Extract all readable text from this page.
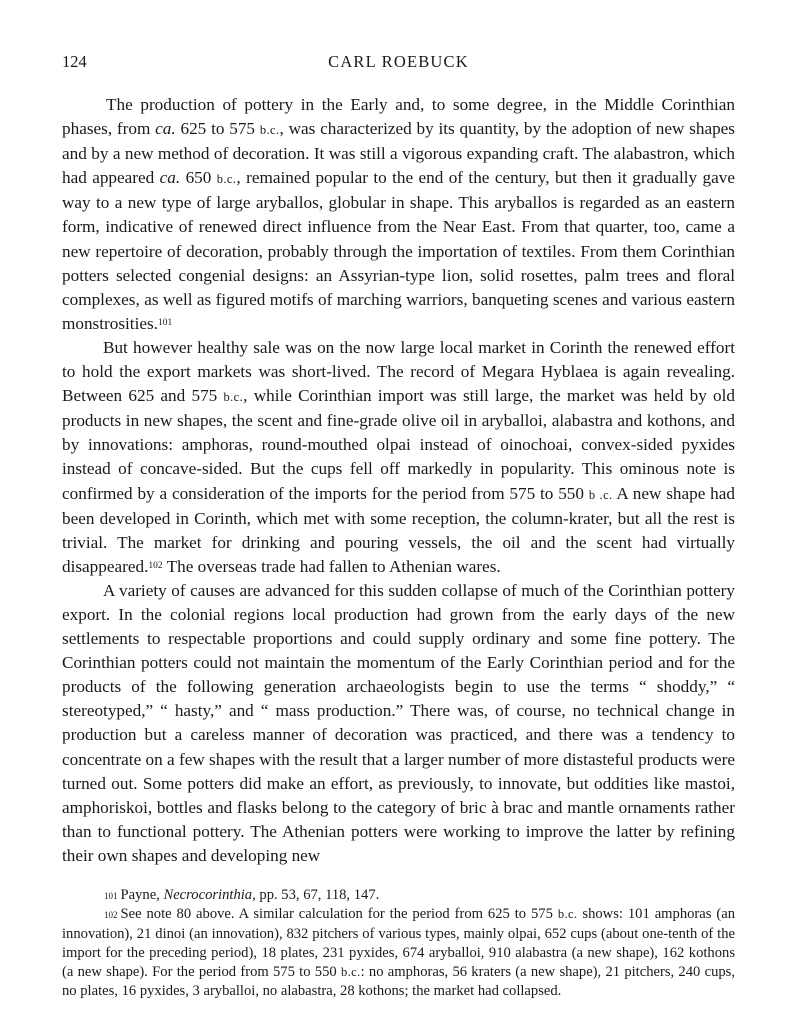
124	CARL ROEBUCK

The production of pottery in the Early and, to some degree, in the Middle Corinthian phases, from ca. 625 to 575 b.c., was characterized by its quantity, by the adoption of new shapes and by a new method of decoration. It was still a vigorous expanding craft. The alabastron, which had appeared ca. 650 b.c., remained popular to the end of the century, but then it gradually gave way to a new type of large aryballos, globular in shape. This aryballos is regarded as an eastern form, indicative of renewed direct influence from the Near East. From that quarter, too, came a new repertoire of decoration, probably through the importation of textiles. From them Corinthian potters selected congenial designs: an Assyrian-type lion, solid rosettes, palm trees and floral complexes, as well as figured motifs of marching warriors, banqueting scenes and various eastern monstrosities.$^{101}$

But however healthy sale was on the now large local market in Corinth the renewed effort to hold the export markets was short-lived. The record of Megara Hyblaea is again revealing. Between 625 and 575 b.c., while Corinthian import was still large, the market was held by old products in new shapes, the scent and fine-grade olive oil in aryballoi, alabastra and kothons, and by innovations: amphoras, round-mouthed olpai instead of oinochoai, convex-sided pyxides instead of concave-sided. But the cups fell off markedly in popularity. This ominous note is confirmed by a consideration of the imports for the period from 575 to 550 b .c. A new shape had been developed in Corinth, which met with some reception, the column-krater, but all the rest is trivial. The market for drinking and pouring vessels, the oil and the scent had virtually disappeared.$^{102}$ The overseas trade had fallen to Athenian wares.

A variety of causes are advanced for this sudden collapse of much of the Corinthian pottery export. In the colonial regions local production had grown from the early days of the new settlements to respectable proportions and could supply ordinary and some fine pottery. The Corinthian potters could not maintain the momentum of the Early Corinthian period and for the products of the following generation archaeologists begin to use the terms “ shoddy,” “ stereotyped,” “ hasty,” and “ mass production.” There was, of course, no technical change in production but a careless manner of decoration was practiced, and there was a tendency to concentrate on a few shapes with the result that a larger number of more distasteful products were turned out. Some potters did make an effort, as previously, to innovate, but oddities like mastoi, amphoriskoi, bottles and flasks belong to the category of bric à brac and mantle ornaments rather than to functional pottery. The Athenian potters were working to improve the latter by refining their own shapes and developing new

$^{101}$ Payne, Necrocorinthia, pp. 53, 67, 118, 147.

$^{102}$ See note 80 above. A similar calculation for the period from 625 to 575 b.c. shows: 101 amphoras (an innovation), 21 dinoi (an innovation), 832 pitchers of various types, mainly olpai, 652 cups (about one-tenth of the import for the preceding period), 18 plates, 231 pyxides, 674 aryballoi, 910 alabastra (a new shape), 162 kothons (a new shape). For the period from 575 to 550 b.c.: no amphoras, 56 kraters (a new shape), 21 pitchers, 240 cups, no plates, 16 pyxides, 3 aryballoi, no alabastra, 28 kothons; the market had collapsed.
